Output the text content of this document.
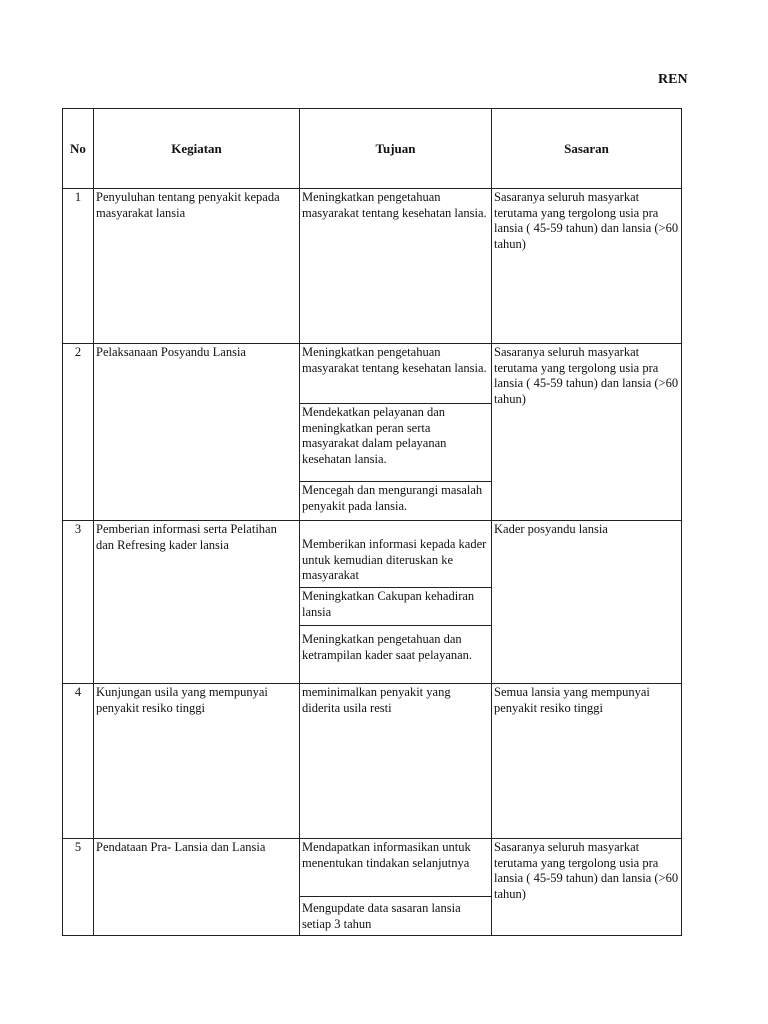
REN
No	Kegiatan	Tujuan	Sasaran
1	Penyuluhan tentang penyakit kepada masyarakat lansia	Meningkatkan pengetahuan masyarakat tentang kesehatan lansia.	Sasaranya seluruh masyarkat terutama yang tergolong usia pra lansia ( 45-59 tahun) dan lansia (>60 tahun)
2	Pelaksanaan Posyandu Lansia	Meningkatkan pengetahuan masyarakat tentang kesehatan lansia.	Sasaranya seluruh masyarkat terutama yang tergolong usia pra lansia ( 45-59 tahun) dan lansia (>60 tahun)
		Mendekatkan pelayanan dan meningkatkan peran serta masyarakat dalam pelayanan kesehatan lansia.	
		Mencegah dan mengurangi masalah penyakit pada lansia.	
3	Pemberian informasi serta Pelatihan dan Refresing kader lansia	Memberikan informasi kepada kader untuk kemudian diteruskan ke masyarakat	Kader posyandu lansia
		Meningkatkan Cakupan kehadiran lansia	
		Meningkatkan pengetahuan dan ketrampilan kader saat pelayanan.	
4	Kunjungan usila yang mempunyai penyakit resiko tinggi	meminimalkan penyakit yang diderita usila resti	Semua lansia yang mempunyai penyakit resiko tinggi
5	Pendataan Pra- Lansia dan Lansia	Mendapatkan informasikan untuk menentukan tindakan selanjutnya	Sasaranya seluruh masyarkat terutama yang tergolong usia pra lansia ( 45-59 tahun) dan lansia (>60 tahun)
		Mengupdate data sasaran lansia setiap 3 tahun	
